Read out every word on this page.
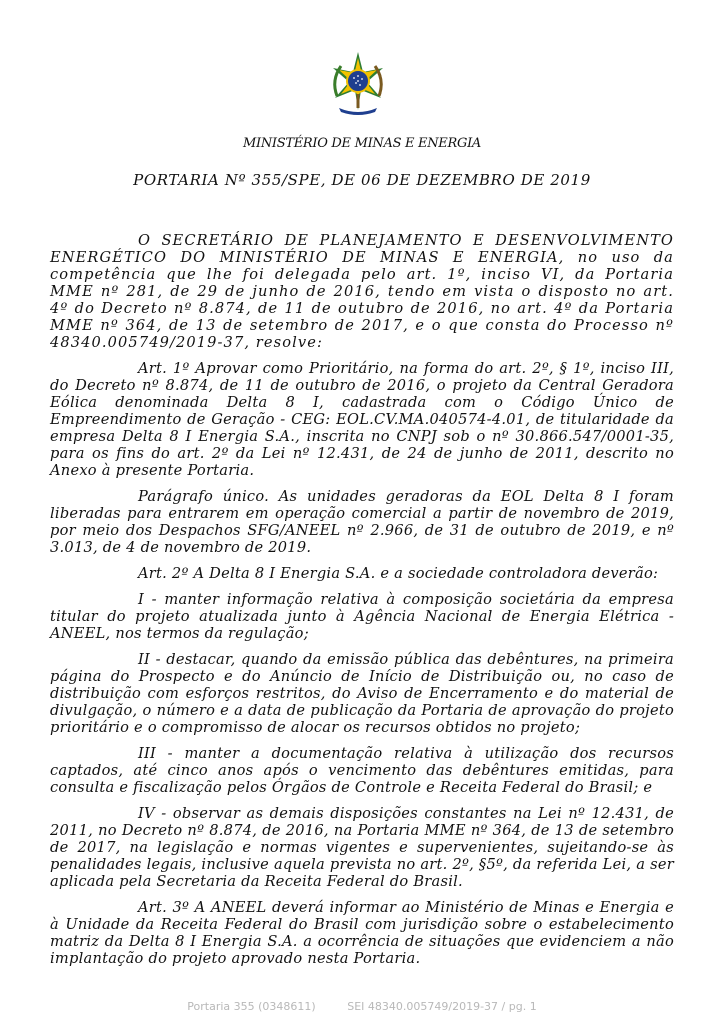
MINISTÉRIO DE MINAS E ENERGIA
PORTARIA Nº 355/SPE, DE 06 DE DEZEMBRO DE 2019

O SECRETÁRIO DE PLANEJAMENTO E DESENVOLVIMENTO ENERGÉTICO DO MINISTÉRIO DE MINAS E ENERGIA, no uso da competência que lhe foi delegada pelo art. 1º, inciso VI, da Portaria MME nº 281, de 29 de junho de 2016, tendo em vista o disposto no art. 4º do Decreto nº 8.874, de 11 de outubro de 2016, no art. 4º da Portaria MME nº 364, de 13 de setembro de 2017, e o que consta do Processo nº 48340.005749/2019-37, resolve:

Art. 1º Aprovar como Prioritário, na forma do art. 2º, § 1º, inciso III, do Decreto nº 8.874, de 11 de outubro de 2016, o projeto da Central Geradora Eólica denominada Delta 8 I, cadastrada com o Código Único de Empreendimento de Geração - CEG: EOL.CV.MA.040574-4.01, de titularidade da empresa Delta 8 I Energia S.A., inscrita no CNPJ sob o nº 30.866.547/0001-35, para os fins do art. 2º da Lei nº 12.431, de 24 de junho de 2011, descrito no Anexo à presente Portaria.

Parágrafo único. As unidades geradoras da EOL Delta 8 I foram liberadas para entrarem em operação comercial a partir de novembro de 2019, por meio dos Despachos SFG/ANEEL nº 2.966, de 31 de outubro de 2019, e nº 3.013, de 4 de novembro de 2019.

Art. 2º A Delta 8 I Energia S.A. e a sociedade controladora deverão:

I - manter informação relativa à composição societária da empresa titular do projeto atualizada junto à Agência Nacional de Energia Elétrica - ANEEL, nos termos da regulação;

II - destacar, quando da emissão pública das debêntures, na primeira página do Prospecto e do Anúncio de Início de Distribuição ou, no caso de distribuição com esforços restritos, do Aviso de Encerramento e do material de divulgação, o número e a data de publicação da Portaria de aprovação do projeto prioritário e o compromisso de alocar os recursos obtidos no projeto;

III - manter a documentação relativa à utilização dos recursos captados, até cinco anos após o vencimento das debêntures emitidas, para consulta e fiscalização pelos Órgãos de Controle e Receita Federal do Brasil; e

IV - observar as demais disposições constantes na Lei nº 12.431, de 2011, no Decreto nº 8.874, de 2016, na Portaria MME nº 364, de 13 de setembro de 2017, na legislação e normas vigentes e supervenientes, sujeitando-se às penalidades legais, inclusive aquela prevista no art. 2º, §5º, da referida Lei, a ser aplicada pela Secretaria da Receita Federal do Brasil.

Art. 3º A ANEEL deverá informar ao Ministério de Minas e Energia e à Unidade da Receita Federal do Brasil com jurisdição sobre o estabelecimento matriz da Delta 8 I Energia S.A. a ocorrência de situações que evidenciem a não implantação do projeto aprovado nesta Portaria.

Portaria 355 (0348611)	SEI 48340.005749/2019-37 / pg. 1
